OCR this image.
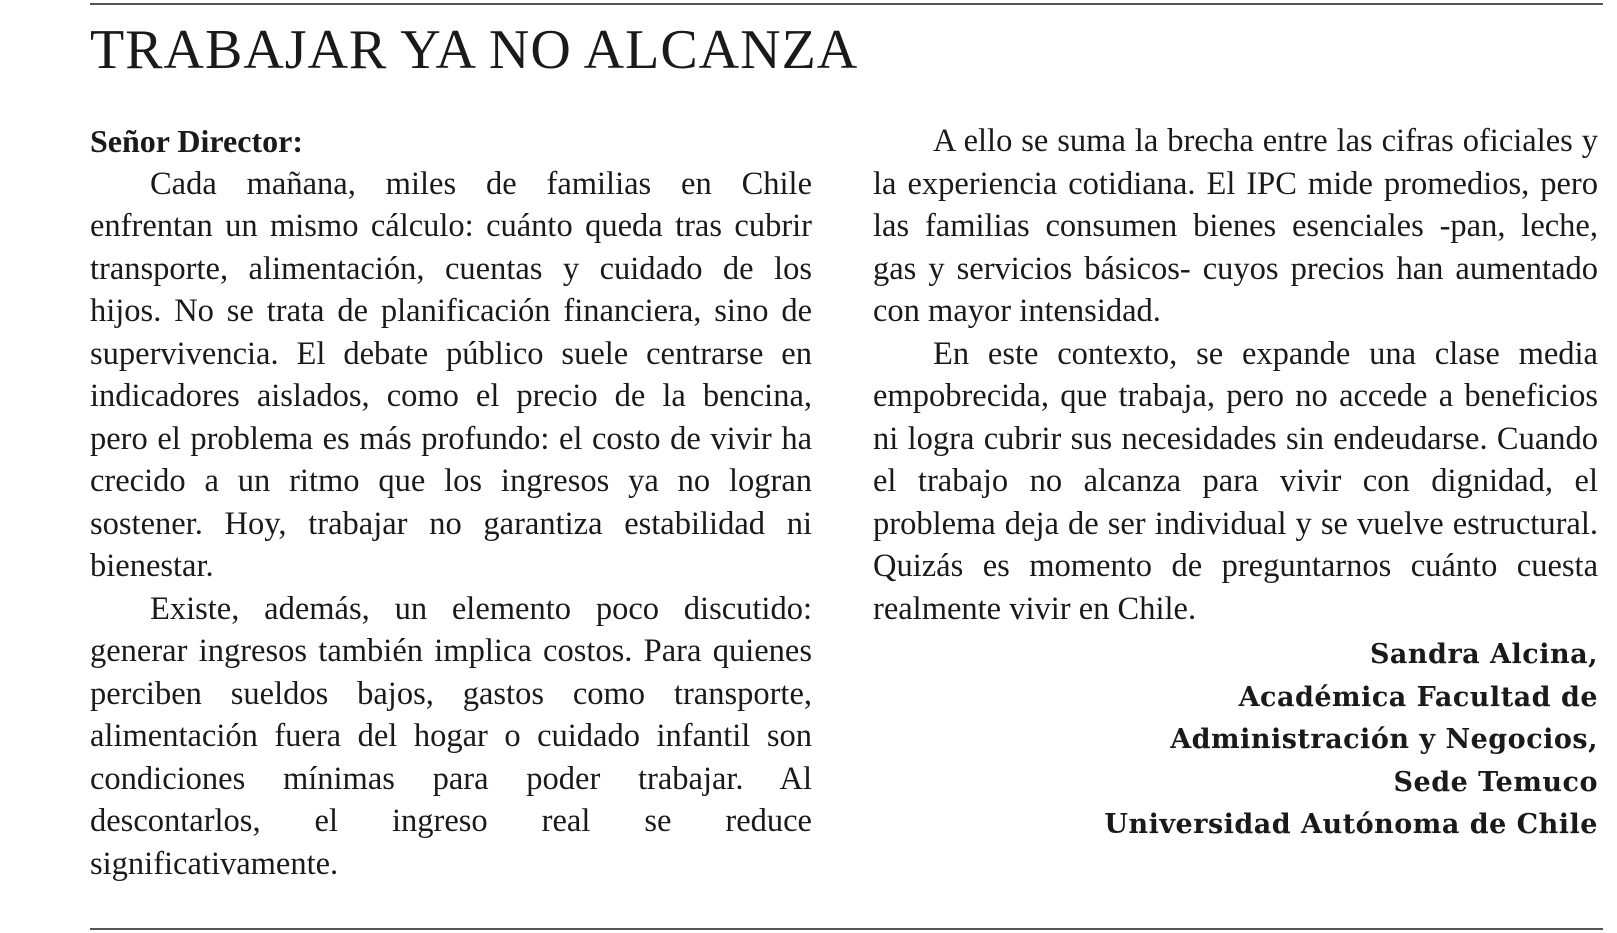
TRABAJAR YA NO ALCANZA

Señor Director:

Cada mañana, miles de familias en Chile enfrentan un mismo cálculo: cuánto queda tras cubrir transporte, alimentación, cuentas y cuidado de los hijos. No se trata de planificación financiera, sino de supervivencia. El debate público suele centrarse en indicadores aislados, como el precio de la bencina, pero el problema es más profundo: el costo de vivir ha crecido a un ritmo que los ingresos ya no logran sostener. Hoy, trabajar no garantiza estabilidad ni bienestar.

Existe, además, un elemento poco discutido: generar ingresos también implica costos. Para quienes perciben sueldos bajos, gastos como transporte, alimentación fuera del hogar o cuidado infantil son condiciones mínimas para poder trabajar. Al descontarlos, el ingreso real se reduce significativamente.

A ello se suma la brecha entre las cifras oficiales y la experiencia cotidiana. El IPC mide promedios, pero las familias consumen bienes esenciales -pan, leche, gas y servicios básicos- cuyos precios han aumentado con mayor intensidad.

En este contexto, se expande una clase media empobrecida, que trabaja, pero no accede a beneficios ni logra cubrir sus necesidades sin endeudarse. Cuando el trabajo no alcanza para vivir con dignidad, el problema deja de ser individual y se vuelve estructural. Quizás es momento de preguntarnos cuánto cuesta realmente vivir en Chile.

Sandra Alcina,
Académica Facultad de
Administración y Negocios,
Sede Temuco
Universidad Autónoma de Chile
